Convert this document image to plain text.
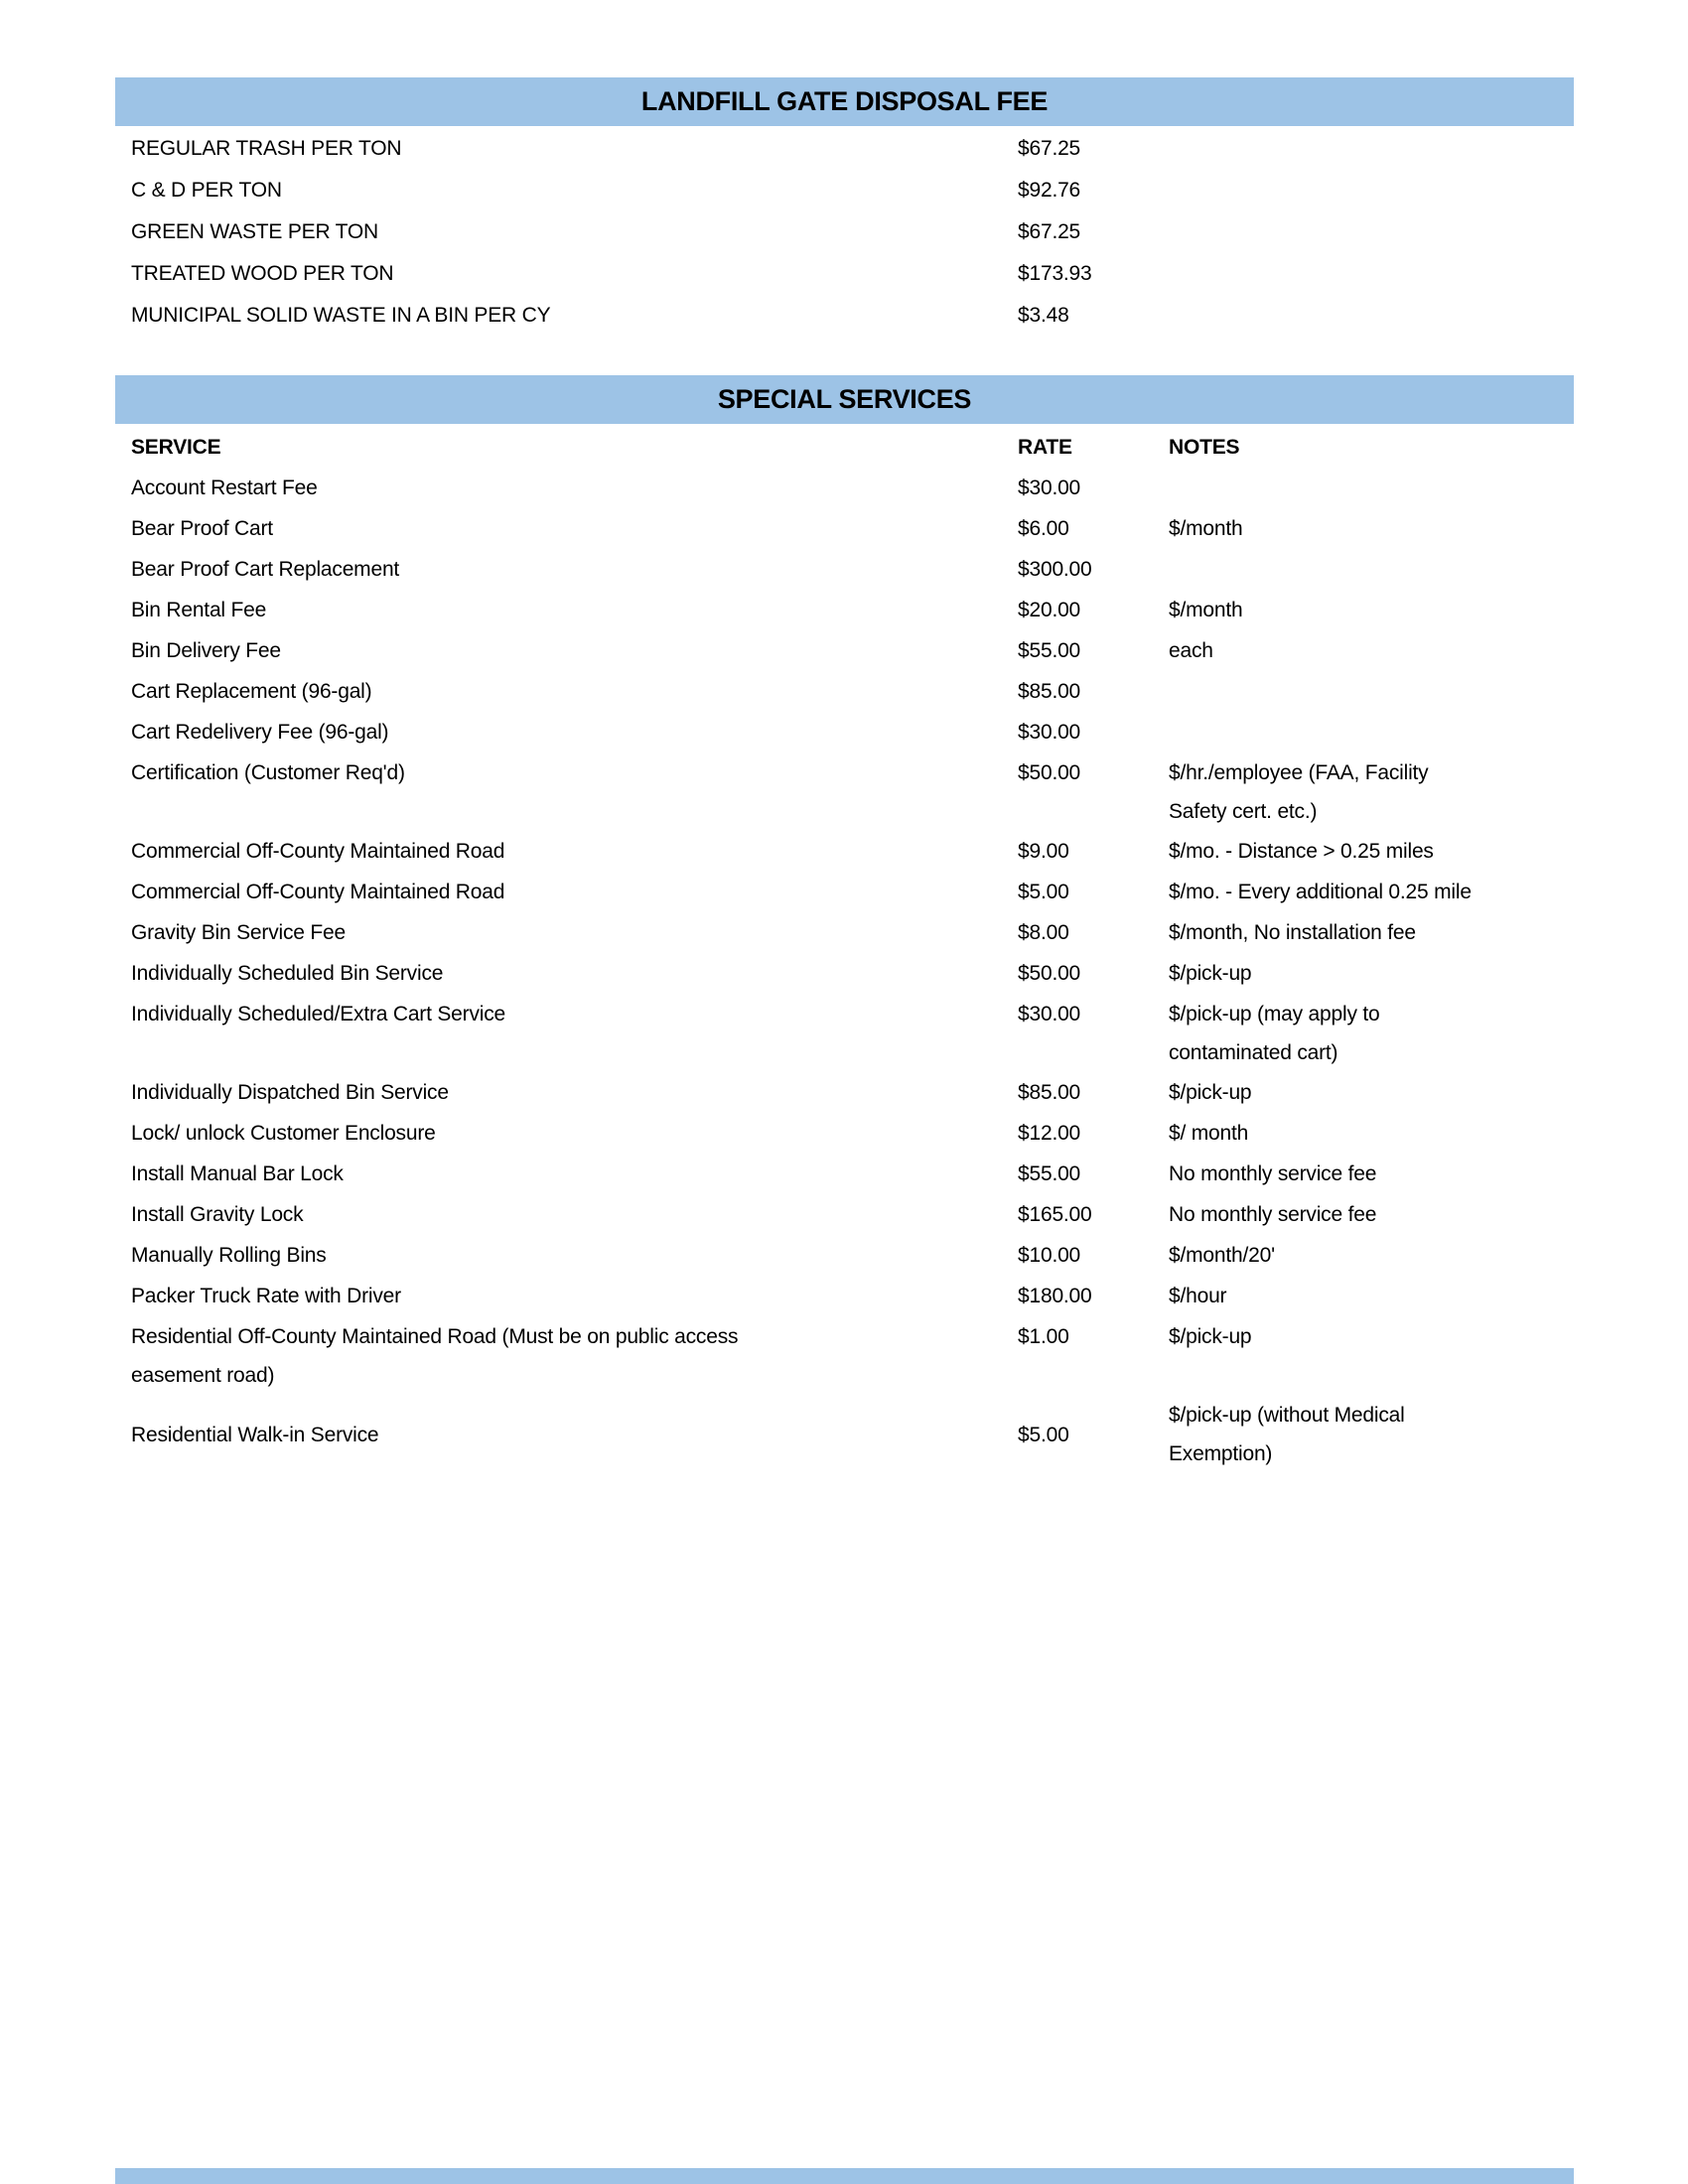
LANDFILL GATE DISPOSAL FEE
REGULAR TRASH PER TON	$67.25
C & D PER TON	$92.76
GREEN WASTE PER TON	$67.25
TREATED WOOD PER TON	$173.93
MUNICIPAL SOLID WASTE IN A BIN PER CY	$3.48
SPECIAL SERVICES
SERVICE	RATE	NOTES
Account Restart Fee	$30.00
Bear Proof Cart	$6.00	$/month
Bear Proof Cart Replacement	$300.00
Bin Rental Fee	$20.00	$/month
Bin Delivery Fee	$55.00	each
Cart Replacement (96-gal)	$85.00
Cart Redelivery Fee (96-gal)	$30.00
Certification (Customer Req'd)	$50.00	$/hr./employee (FAA, Facility
Safety cert. etc.)
Commercial Off-County Maintained Road	$9.00	$/mo. - Distance > 0.25 miles
Commercial Off-County Maintained Road	$5.00	$/mo. - Every additional 0.25 mile
Gravity Bin Service Fee	$8.00	$/month, No installation fee
Individually Scheduled Bin Service	$50.00	$/pick-up
Individually Scheduled/Extra Cart Service	$30.00	$/pick-up (may apply to
contaminated cart)
Individually Dispatched Bin Service	$85.00	$/pick-up
Lock/ unlock Customer Enclosure	$12.00	$/ month
Install Manual Bar Lock	$55.00	No monthly service fee
Install Gravity Lock	$165.00	No monthly service fee
Manually Rolling Bins	$10.00	$/month/20'
Packer Truck Rate with Driver	$180.00	$/hour
Residential Off-County Maintained Road (Must be on public access
easement road)
$1.00	$/pick-up
Residential Walk-in Service	$5.00
$/pick-up (without Medical
Exemption)
